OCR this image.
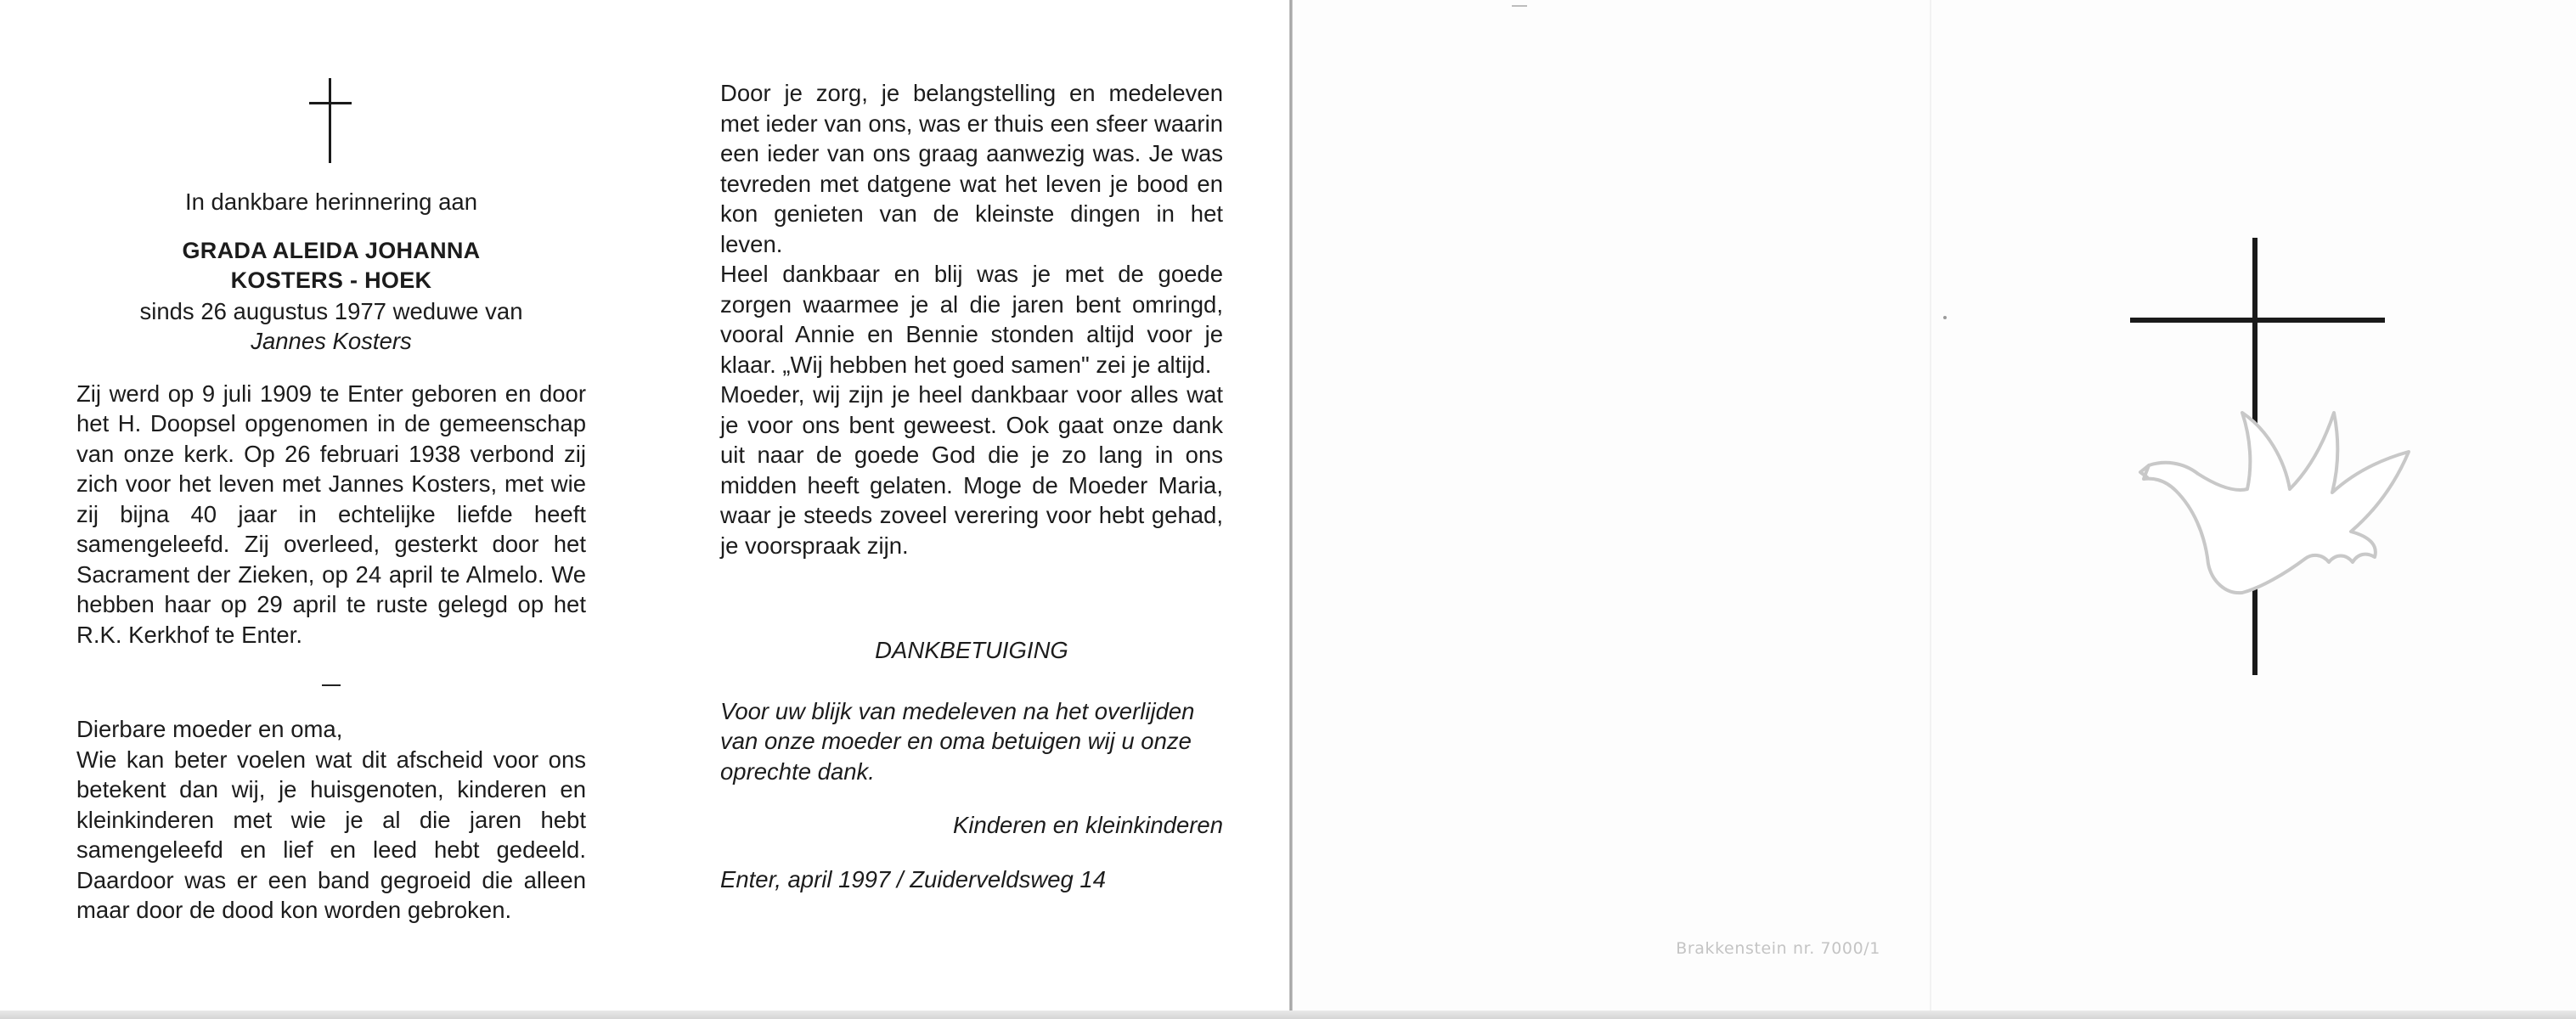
In dankbare herinnering aan
GRADA ALEIDA JOHANNA
KOSTERS - HOEK
sinds 26 augustus 1977 weduwe van
Jannes Kosters
Zij werd op 9 juli 1909 te Enter geboren en door het H. Doopsel opgenomen in de gemeenschap van onze kerk. Op 26 februari 1938 verbond zij zich voor het leven met Jannes Kosters, met wie zij bijna 40 jaar in echtelijke liefde heeft samengeleefd. Zij overleed, gesterkt door het Sacrament der Zieken, op 24 april te Almelo. We hebben haar op 29 april te ruste gelegd op het R.K. Kerkhof te Enter.
Dierbare moeder en oma,
Wie kan beter voelen wat dit afscheid voor ons betekent dan wij, je huisgenoten, kinderen en kleinkinderen met wie je al die jaren hebt samengeleefd en lief en leed hebt gedeeld. Daardoor was er een band gegroeid die alleen maar door de dood kon worden gebroken.
Door je zorg, je belangstelling en medeleven met ieder van ons, was er thuis een sfeer waarin een ieder van ons graag aanwezig was. Je was tevreden met datgene wat het leven je bood en kon genieten van de kleinste dingen in het leven.
Heel dankbaar en blij was je met de goede zorgen waarmee je al die jaren bent omringd, vooral Annie en Bennie stonden altijd voor je klaar. „Wij hebben het goed samen" zei je altijd.
Moeder, wij zijn je heel dankbaar voor alles wat je voor ons bent geweest. Ook gaat onze dank uit naar de goede God die je zo lang in ons midden heeft gelaten. Moge de Moeder Maria, waar je steeds zoveel verering voor hebt gehad, je voorspraak zijn.
DANKBETUIGING
Voor uw blijk van medeleven na het overlijden van onze moeder en oma betuigen wij u onze oprechte dank.
Kinderen en kleinkinderen
Enter, april 1997 / Zuiderveldsweg 14
Brakkenstein nr. 7000/1
